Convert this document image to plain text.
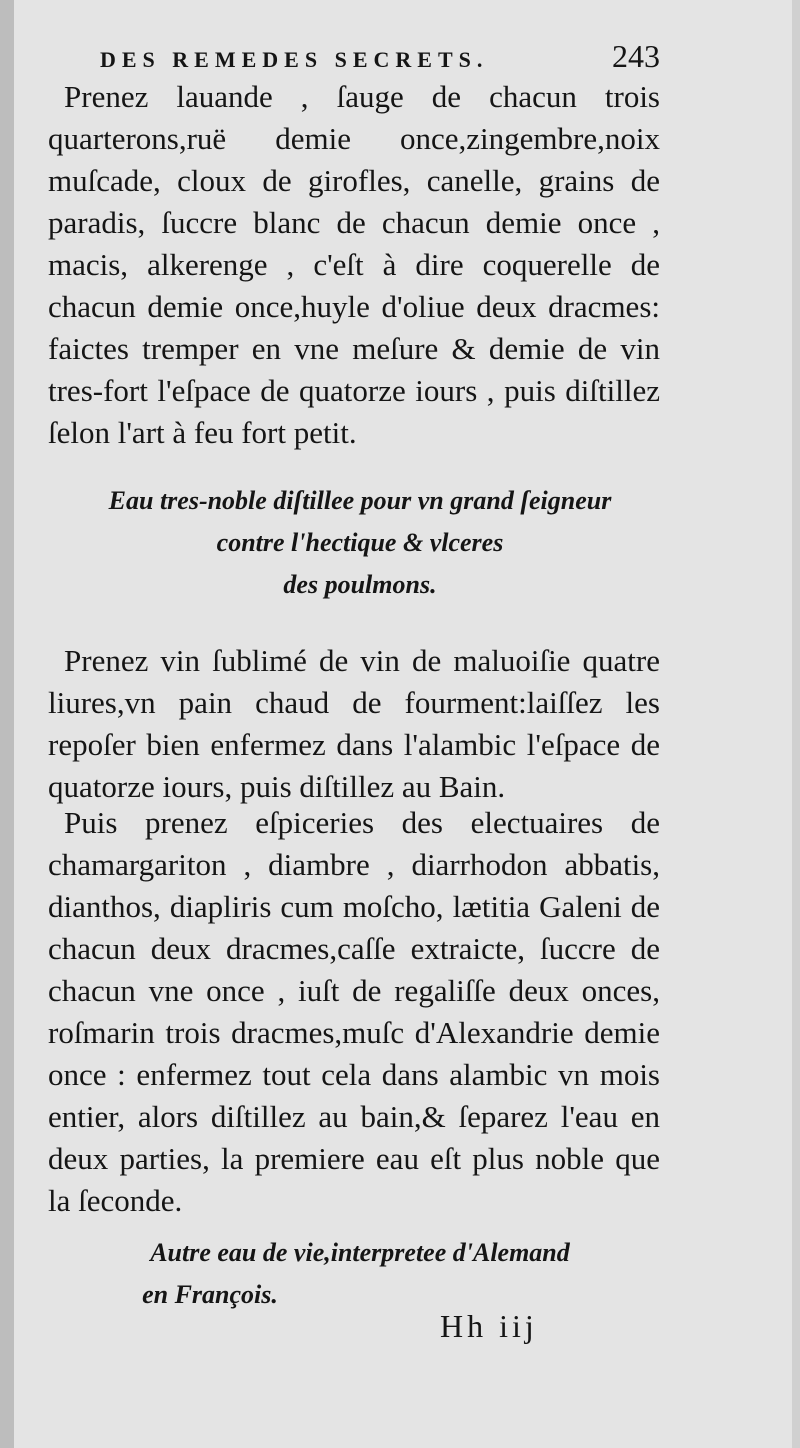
DES REMEDES SECRETS.	243

Prenez lauande , ſauge de chacun trois quarterons,ruë demie once,zingembre,noix muſcade, cloux de girofles, canelle, grains de paradis, ſuccre blanc de chacun demie once , macis, alkerenge , c'eſt à dire coquerelle de chacun demie once,huyle d'oliue deux dracmes: faictes tremper en vne meſure & demie de vin tres-fort l'eſpace de quatorze iours , puis diſtillez ſelon l'art à feu fort petit.

Eau tres-noble diſtillee pour vn grand ſeigneur

contre l'hectique & vlceres

des poulmons.

Prenez vin ſublimé de vin de maluoiſie quatre liures,vn pain chaud de fourment:laiſſez les repoſer bien enfermez dans l'alambic l'eſpace de quatorze iours, puis diſtillez au Bain.

Puis prenez eſpiceries des electuaires de chamargariton , diambre , diarrhodon abbatis, dianthos, diapliris cum moſcho, lætitia Galeni de chacun deux dracmes,caſſe extraicte, ſuccre de chacun vne once , iuſt de regaliſſe deux onces, roſmarin trois dracmes,muſc d'Alexandrie demie once : enfermez tout cela dans alambic vn mois entier, alors diſtillez au bain,& ſeparez l'eau en deux parties, la premiere eau eſt plus noble que la ſeconde.

Autre eau de vie,interpretee d'Alemand

en François.

Hh iij
